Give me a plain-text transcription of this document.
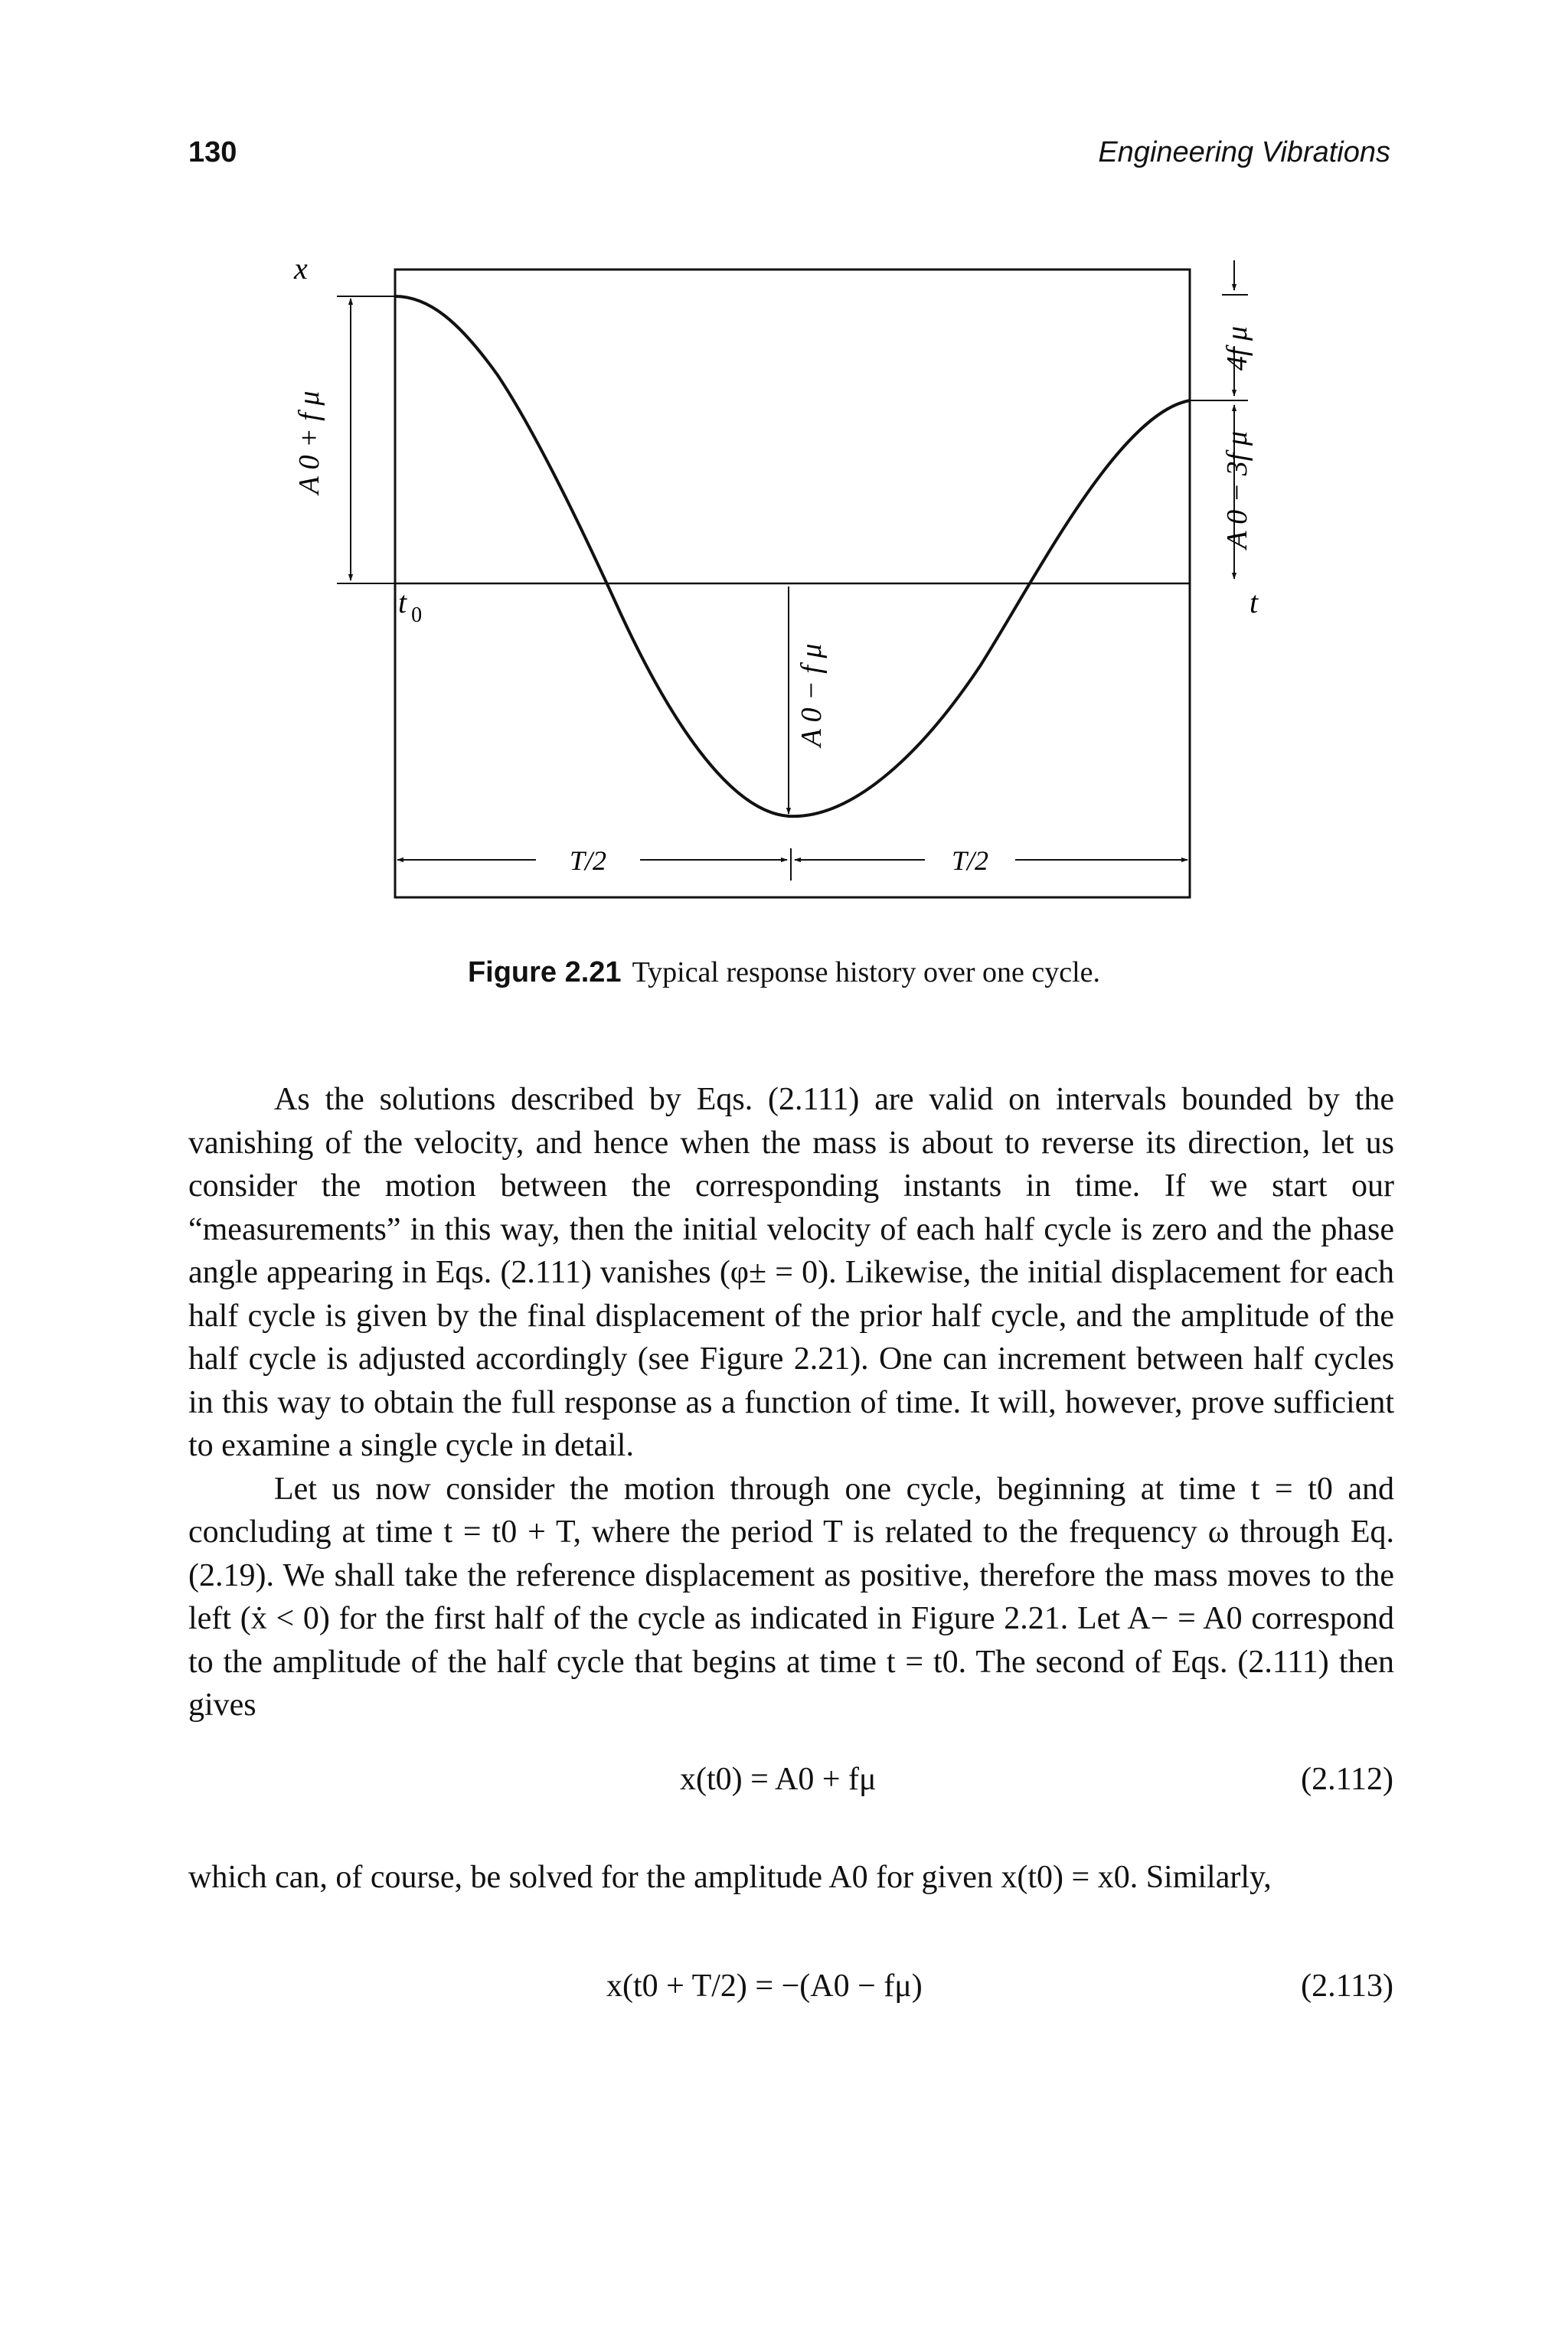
130	Engineering Vibrations
x
t
t $_0$
A 0 + f μ
A 0 − f μ
A 0 − 3f μ
4f μ
T/2	T/2
Figure 2.21 Typical response history over one cycle.

As the solutions described by Eqs. (2.111) are valid on intervals bounded by the vanishing of the velocity, and hence when the mass is about to reverse its direction, let us consider the motion between the corresponding instants in time. If we start our “measurements” in this way, then the initial velocity of each half cycle is zero and the phase angle appearing in Eqs. (2.111) vanishes (φ± = 0). Likewise, the initial displacement for each half cycle is given by the final displacement of the prior half cycle, and the amplitude of the half cycle is adjusted accordingly (see Figure 2.21). One can increment between half cycles in this way to obtain the full response as a function of time. It will, however, prove sufficient to examine a single cycle in detail.

Let us now consider the motion through one cycle, beginning at time t = t0 and concluding at time t = t0 + T, where the period T is related to the frequency ω through Eq. (2.19). We shall take the reference displacement as positive, therefore the mass moves to the left (ẋ < 0) for the first half of the cycle as indicated in Figure 2.21. Let A− = A0 correspond to the amplitude of the half cycle that begins at time t = t0. The second of Eqs. (2.111) then gives

x(t0) = A0 + fμ	(2.112)
which can, of course, be solved for the amplitude A0 for given x(t0) = x0. Similarly,
x(t0 + T/2) = −(A0 − fμ)	(2.113)
